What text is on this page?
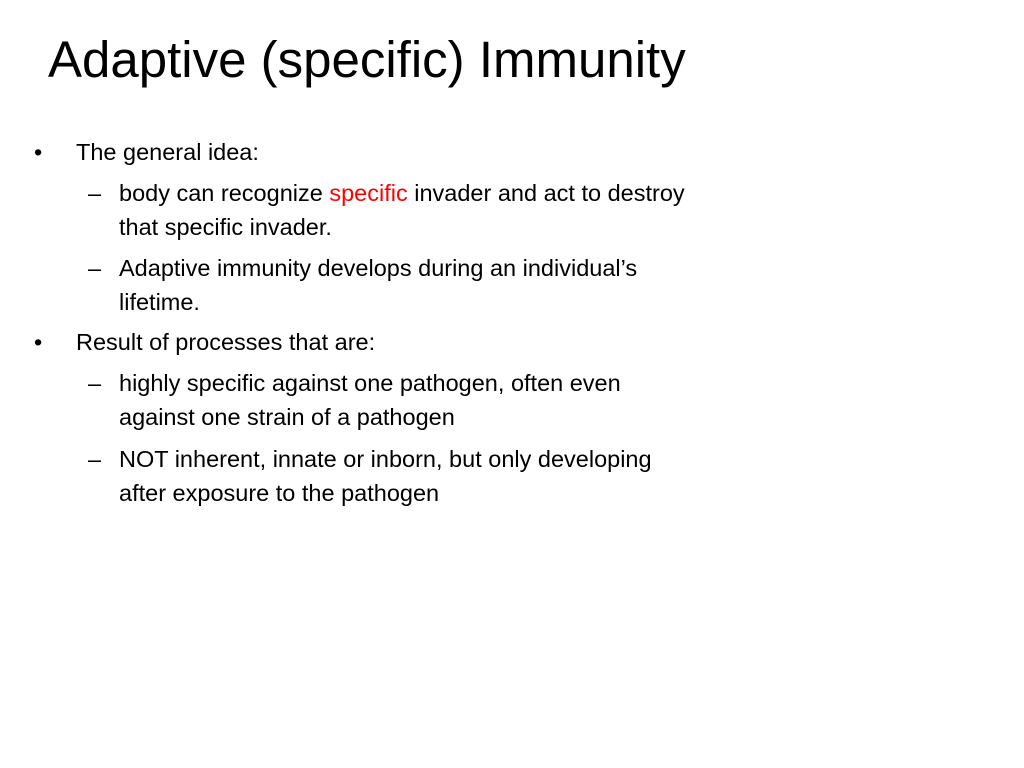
Adaptive (specific) Immunity
• The general idea:
– body can recognize specific invader and act to destroy
that specific invader.
– Adaptive immunity develops during an individual’s
lifetime.
• Result of processes that are:
– highly specific against one pathogen, often even
against one strain of a pathogen
– NOT inherent, innate or inborn, but only developing
after exposure to the pathogen
